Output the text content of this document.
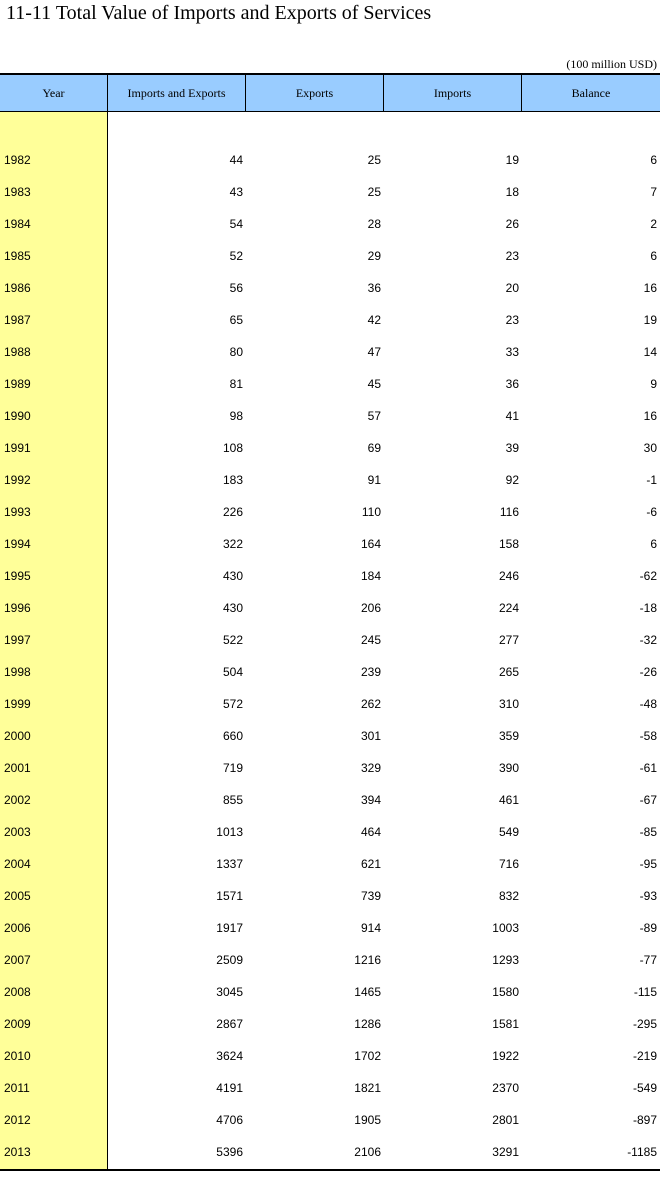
11-11 Total Value of Imports and Exports of Services
(100 million USD)
Year	Imports and Exports	Exports	Imports	Balance
1982	44	25	19	6
1983	43	25	18	7
1984	54	28	26	2
1985	52	29	23	6
1986	56	36	20	16
1987	65	42	23	19
1988	80	47	33	14
1989	81	45	36	9
1990	98	57	41	16
1991	108	69	39	30
1992	183	91	92	-1
1993	226	110	116	-6
1994	322	164	158	6
1995	430	184	246	-62
1996	430	206	224	-18
1997	522	245	277	-32
1998	504	239	265	-26
1999	572	262	310	-48
2000	660	301	359	-58
2001	719	329	390	-61
2002	855	394	461	-67
2003	1013	464	549	-85
2004	1337	621	716	-95
2005	1571	739	832	-93
2006	1917	914	1003	-89
2007	2509	1216	1293	-77
2008	3045	1465	1580	-115
2009	2867	1286	1581	-295
2010	3624	1702	1922	-219
2011	4191	1821	2370	-549
2012	4706	1905	2801	-897
2013	5396	2106	3291	-1185
